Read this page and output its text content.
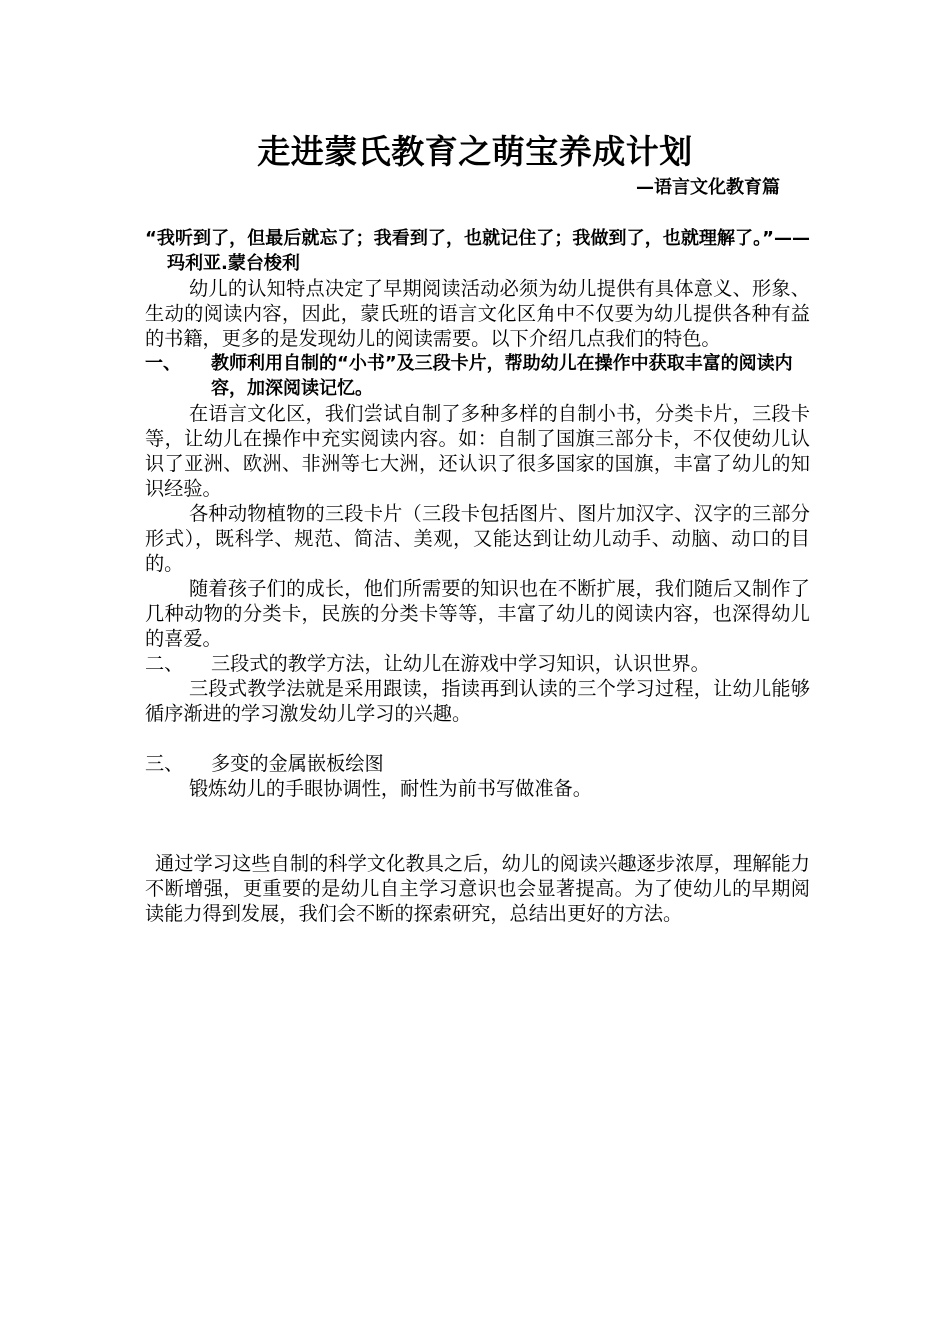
走进蒙氏教育之萌宝养成计划

—语言文化教育篇

“我听到了，但最后就忘了；我看到了，也就记住了；我做到了，也就理解了。”——玛利亚.蒙台梭利

幼儿的认知特点决定了早期阅读活动必须为幼儿提供有具体意义、形象、生动的阅读内容，因此，蒙氏班的语言文化区角中不仅要为幼儿提供各种有益的书籍，更多的是发现幼儿的阅读需要。以下介绍几点我们的特色。

一、	教师利用自制的“小书”及三段卡片，帮助幼儿在操作中获取丰富的阅读内容，加深阅读记忆。

在语言文化区，我们尝试自制了多种多样的自制小书，分类卡片，三段卡等，让幼儿在操作中充实阅读内容。如：自制了国旗三部分卡，不仅使幼儿认识了亚洲、欧洲、非洲等七大洲，还认识了很多国家的国旗，丰富了幼儿的知识经验。

各种动物植物的三段卡片（三段卡包括图片、图片加汉字、汉字的三部分形式），既科学、规范、简洁、美观，又能达到让幼儿动手、动脑、动口的目的。

随着孩子们的成长，他们所需要的知识也在不断扩展，我们随后又制作了几种动物的分类卡，民族的分类卡等等，丰富了幼儿的阅读内容，也深得幼儿的喜爱。

二、	三段式的教学方法，让幼儿在游戏中学习知识，认识世界。

三段式教学法就是采用跟读，指读再到认读的三个学习过程，让幼儿能够循序渐进的学习激发幼儿学习的兴趣。

三、	多变的金属嵌板绘图

锻炼幼儿的手眼协调性，耐性为前书写做准备。

通过学习这些自制的科学文化教具之后，幼儿的阅读兴趣逐步浓厚，理解能力不断增强，更重要的是幼儿自主学习意识也会显著提高。为了使幼儿的早期阅读能力得到发展，我们会不断的探索研究，总结出更好的方法。
